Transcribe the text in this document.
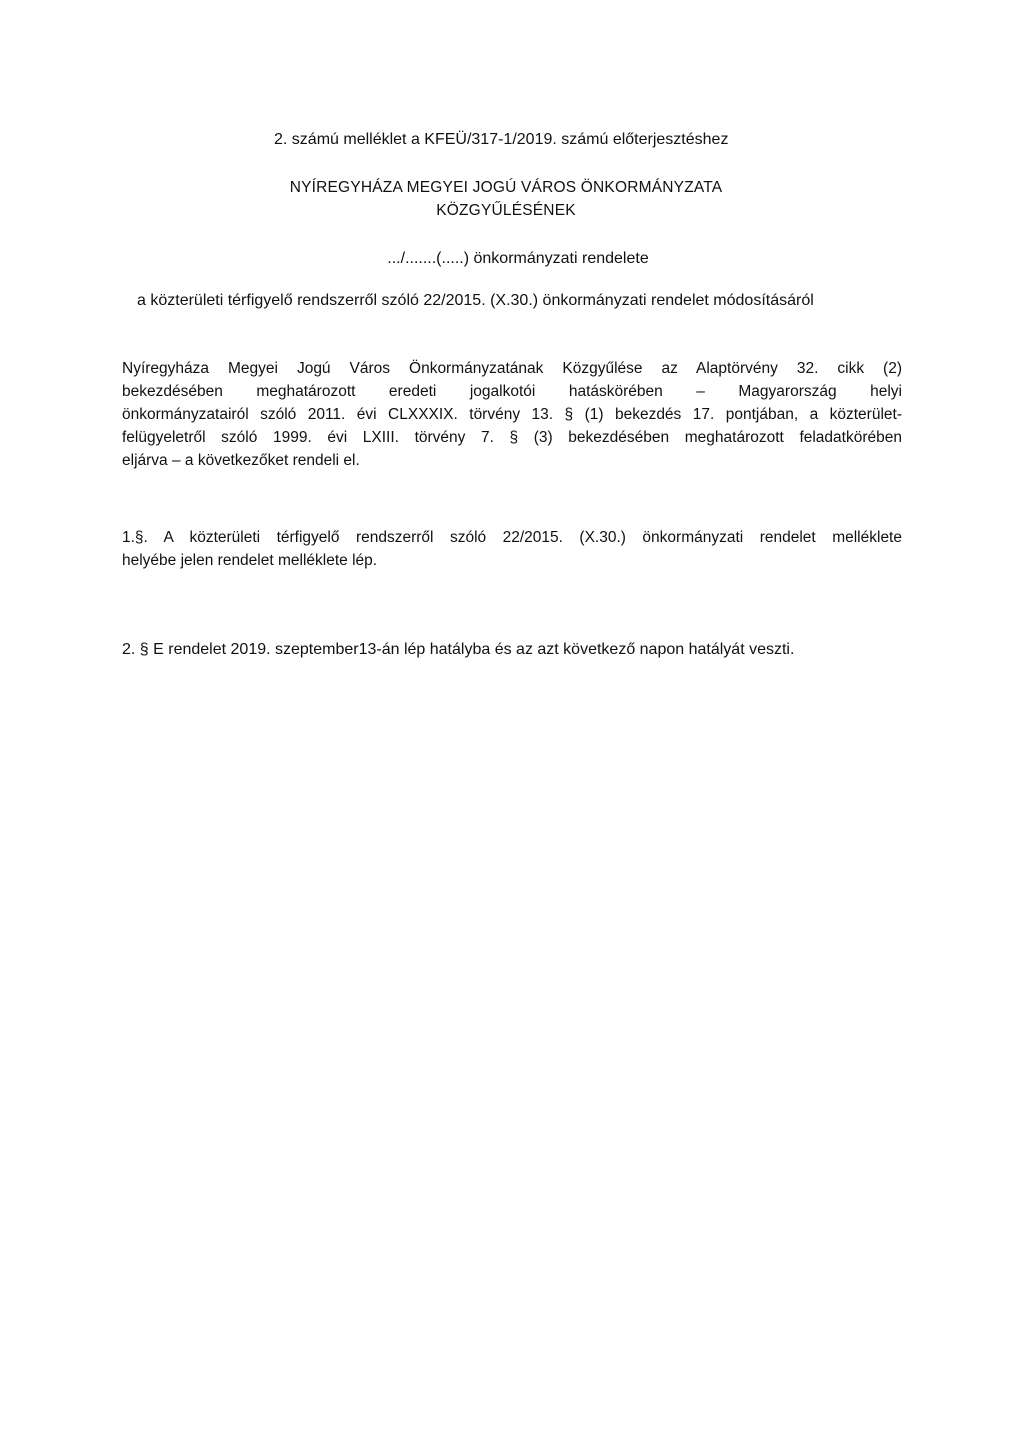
2. számú melléklet a KFEÜ/317-1/2019. számú előterjesztéshez
NYÍREGYHÁZA MEGYEI JOGÚ VÁROS ÖNKORMÁNYZATA
KÖZGYŰLÉSÉNEK
.../.......(.....) önkormányzati rendelete
a közterületi térfigyelő rendszerről szóló 22/2015. (X.30.) önkormányzati rendelet módosításáról
Nyíregyháza Megyei Jogú Város Önkormányzatának Közgyűlése az Alaptörvény 32. cikk (2)
bekezdésében meghatározott eredeti jogalkotói hatáskörében – Magyarország helyi
önkormányzatairól szóló 2011. évi CLXXXIX. törvény 13. § (1) bekezdés 17. pontjában, a közterület-
felügyeletről szóló 1999. évi LXIII. törvény 7. § (3) bekezdésében meghatározott feladatkörében
eljárva – a következőket rendeli el.
1.§. A közterületi térfigyelő rendszerről szóló 22/2015. (X.30.) önkormányzati rendelet melléklete
helyébe jelen rendelet melléklete lép.
2. § E rendelet 2019. szeptember13-án lép hatályba és az azt következő napon hatályát veszti.
